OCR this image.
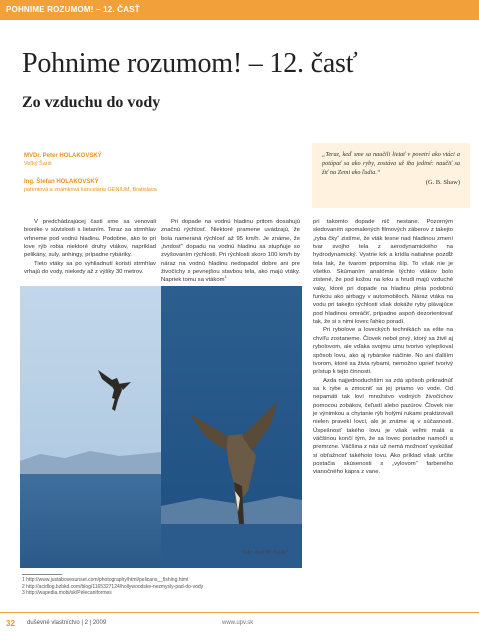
POHNIME ROZUMOM! – 12. ČASŤ
Pohnime rozumom! – 12. časť
Zo vzduchu do vody
MVDr. Peter HOLAKOVSKÝ
Veľký Šariš
Ing. Štefan HOLAKOVSKÝ
patentová a známková kancelária GENIUM, Bratislava
„Teraz, keď sme sa naučili lietať v povetrí ako vtáci a potápať sa ako ryby, zostáva už iba jediné: naučiť sa žiť na Zemi ako ľudia.“
(G. B. Shaw)

V predchádzajúcej časti sme sa venovali bionike v súvislosti s lietaním. Teraz sa strmhlav vrhneme pod vodnú hladinu. Podobne, ako to pri love rýb robia niektoré druhy vtákov, napríklad pelikány, suly, anhingy, prípadne rybáriky.

Tieto vtáky sa po vyhliadnutí koristi strmhlav vrhajú do vody, niekedy až z výšky 30 metrov.

Pri dopade na vodnú hladinu pritom dosahujú značnú rýchlosť. Niektoré pramene uvádzajú, že bola nameraná rýchlosť až 95 km/h. Je známe, že „tvrdosť“ dopadu na vodnú hladinu sa stupňuje so zvyšovaním rýchlosti. Pri rýchlosti skoro 100 km/h by náraz na vodnú hladinu nedopadol dobre ani pre živočíchy s pevnejšou stavbou tela, ako majú vtáky. Napriek tomu sa vtákom$^1$

pri takomto dopade nič nestane. Pozorným sledovaním spomalených filmových záberov z takejto „ryba čky“ zistíme, že vták tesne nad hladinou zmení tvar svojho tela z aerodynamického na hydrodynamický. Vystrie krk a krídla natiahne pozdĺž tela tak, že tvarom pripomína šíp. To však nie je všetko. Skúmaním anatómie týchto vtákov bolo zistené, že pod kožou na krku a hrudi majú vzduché vaky, ktoré pri dopade na hladinu plnia podobnú funkciu ako airbagy v automobiloch. Náraz vtáka na vodu pri takejto rýchlosti však dokáže ryby plávajúce pod hladinou omráčiť, prípadne aspoň dezorientovať tak, že si s nimi lovec ľahko poradí.

Pri rybolove a loveckých technikách sa ešte na chvíľu zostaneme. Človek nebol prvý, ktorý sa živil aj rybolovom, ale vďaka svojmu umu tvorivo vylepšoval spôsob lovu, ako aj rybárske náčinie. No ani ďalším tvorom, ktoré sa živia rybami, nemožno uprieť tvorivý prístup k tejto činnosti.

Azda najjednoduchším sa zdá spôsob prikradnúť sa k rybe a zmocniť sa jej priamo vo vode. Od nepamäti tak loví množstvo vodných živočíchov pomocou zobákov, čeľustí alebo pazúrov. Človek nie je výnimkou a chytanie rýb holými rukami praktizovali nielen pravekí lovci, ale je známe aj v súčasnosti. Úspešnosť takého lovu je však veľmi malá a väčšinou končí tým, že sa lovec poriadne namočí a premrzne. Väčšina z nás už nemá možnosť vyskúšať si obťažnosť takéhoto lovu. Ako príklad však určite postačia skúsenosti s „vylovom“ farbeného vianočného kapra z vane.

Foto: Alan M. Pavlik$^1$
1 http://www.justabovesunset.com/photography/html/pelicans__fishing.html
2 http://acidlog.bzbkd.com/blog/1165327124/hollywoodske-nezmysly-pad-do-vody
3 http://wapedia.mobi/sk/Pelecaniformes
32 duševné vlastníctvo | 2 | 2009	www.upv.sk
